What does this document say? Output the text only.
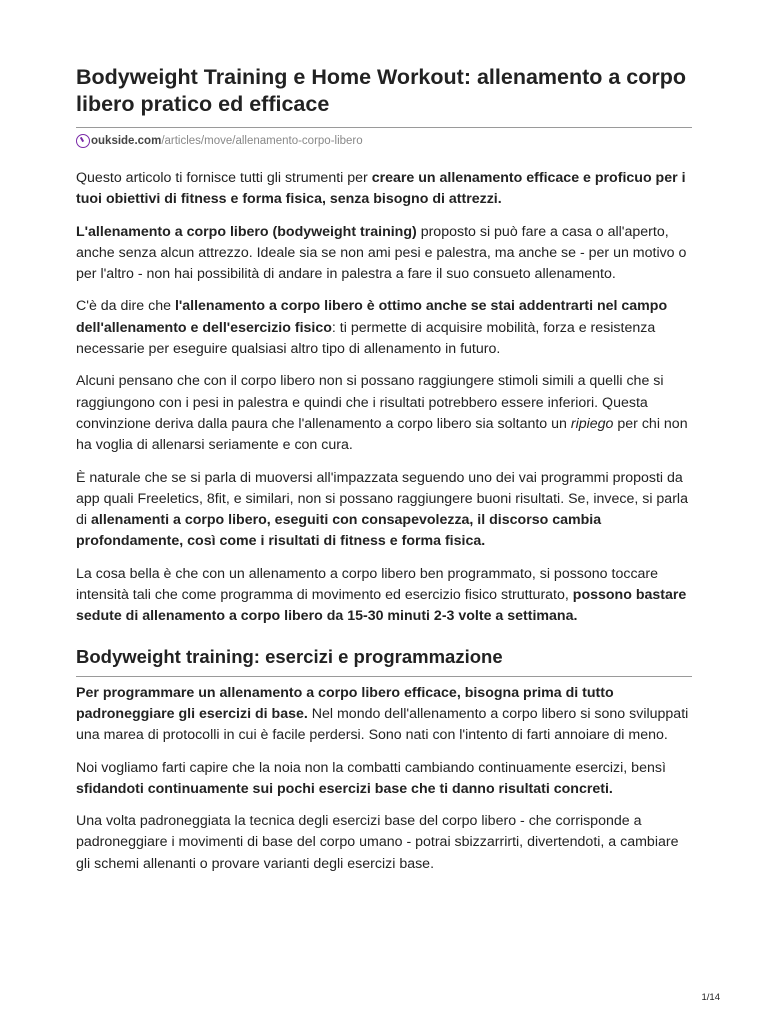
Bodyweight Training e Home Workout: allenamento a corpo libero pratico ed efficace
oukside.com /articles/move/allenamento-corpo-libero

Questo articolo ti fornisce tutti gli strumenti per creare un allenamento efficace e proficuo per i tuoi obiettivi di fitness e forma fisica, senza bisogno di attrezzi.

L'allenamento a corpo libero (bodyweight training) proposto si può fare a casa o all'aperto, anche senza alcun attrezzo. Ideale sia se non ami pesi e palestra, ma anche se - per un motivo o per l'altro - non hai possibilità di andare in palestra a fare il suo consueto allenamento.

C'è da dire che l'allenamento a corpo libero è ottimo anche se stai addentrarti nel campo dell'allenamento e dell'esercizio fisico: ti permette di acquisire mobilità, forza e resistenza necessarie per eseguire qualsiasi altro tipo di allenamento in futuro.

Alcuni pensano che con il corpo libero non si possano raggiungere stimoli simili a quelli che si raggiungono con i pesi in palestra e quindi che i risultati potrebbero essere inferiori. Questa convinzione deriva dalla paura che l'allenamento a corpo libero sia soltanto un ripiego per chi non ha voglia di allenarsi seriamente e con cura.

È naturale che se si parla di muoversi all'impazzata seguendo uno dei vai programmi proposti da app quali Freeletics, 8fit, e similari, non si possano raggiungere buoni risultati. Se, invece, si parla di allenamenti a corpo libero, eseguiti con consapevolezza, il discorso cambia profondamente, così come i risultati di fitness e forma fisica.

La cosa bella è che con un allenamento a corpo libero ben programmato, si possono toccare intensità tali che come programma di movimento ed esercizio fisico strutturato, possono bastare sedute di allenamento a corpo libero da 15-30 minuti 2-3 volte a settimana.

Bodyweight training: esercizi e programmazione

Per programmare un allenamento a corpo libero efficace, bisogna prima di tutto padroneggiare gli esercizi di base. Nel mondo dell'allenamento a corpo libero si sono sviluppati una marea di protocolli in cui è facile perdersi. Sono nati con l'intento di farti annoiare di meno.

Noi vogliamo farti capire che la noia non la combatti cambiando continuamente esercizi, bensì sfidandoti continuamente sui pochi esercizi base che ti danno risultati concreti.

Una volta padroneggiata la tecnica degli esercizi base del corpo libero - che corrisponde a padroneggiare i movimenti di base del corpo umano - potrai sbizzarrirti, divertendoti, a cambiare gli schemi allenanti o provare varianti degli esercizi base.

1/14
